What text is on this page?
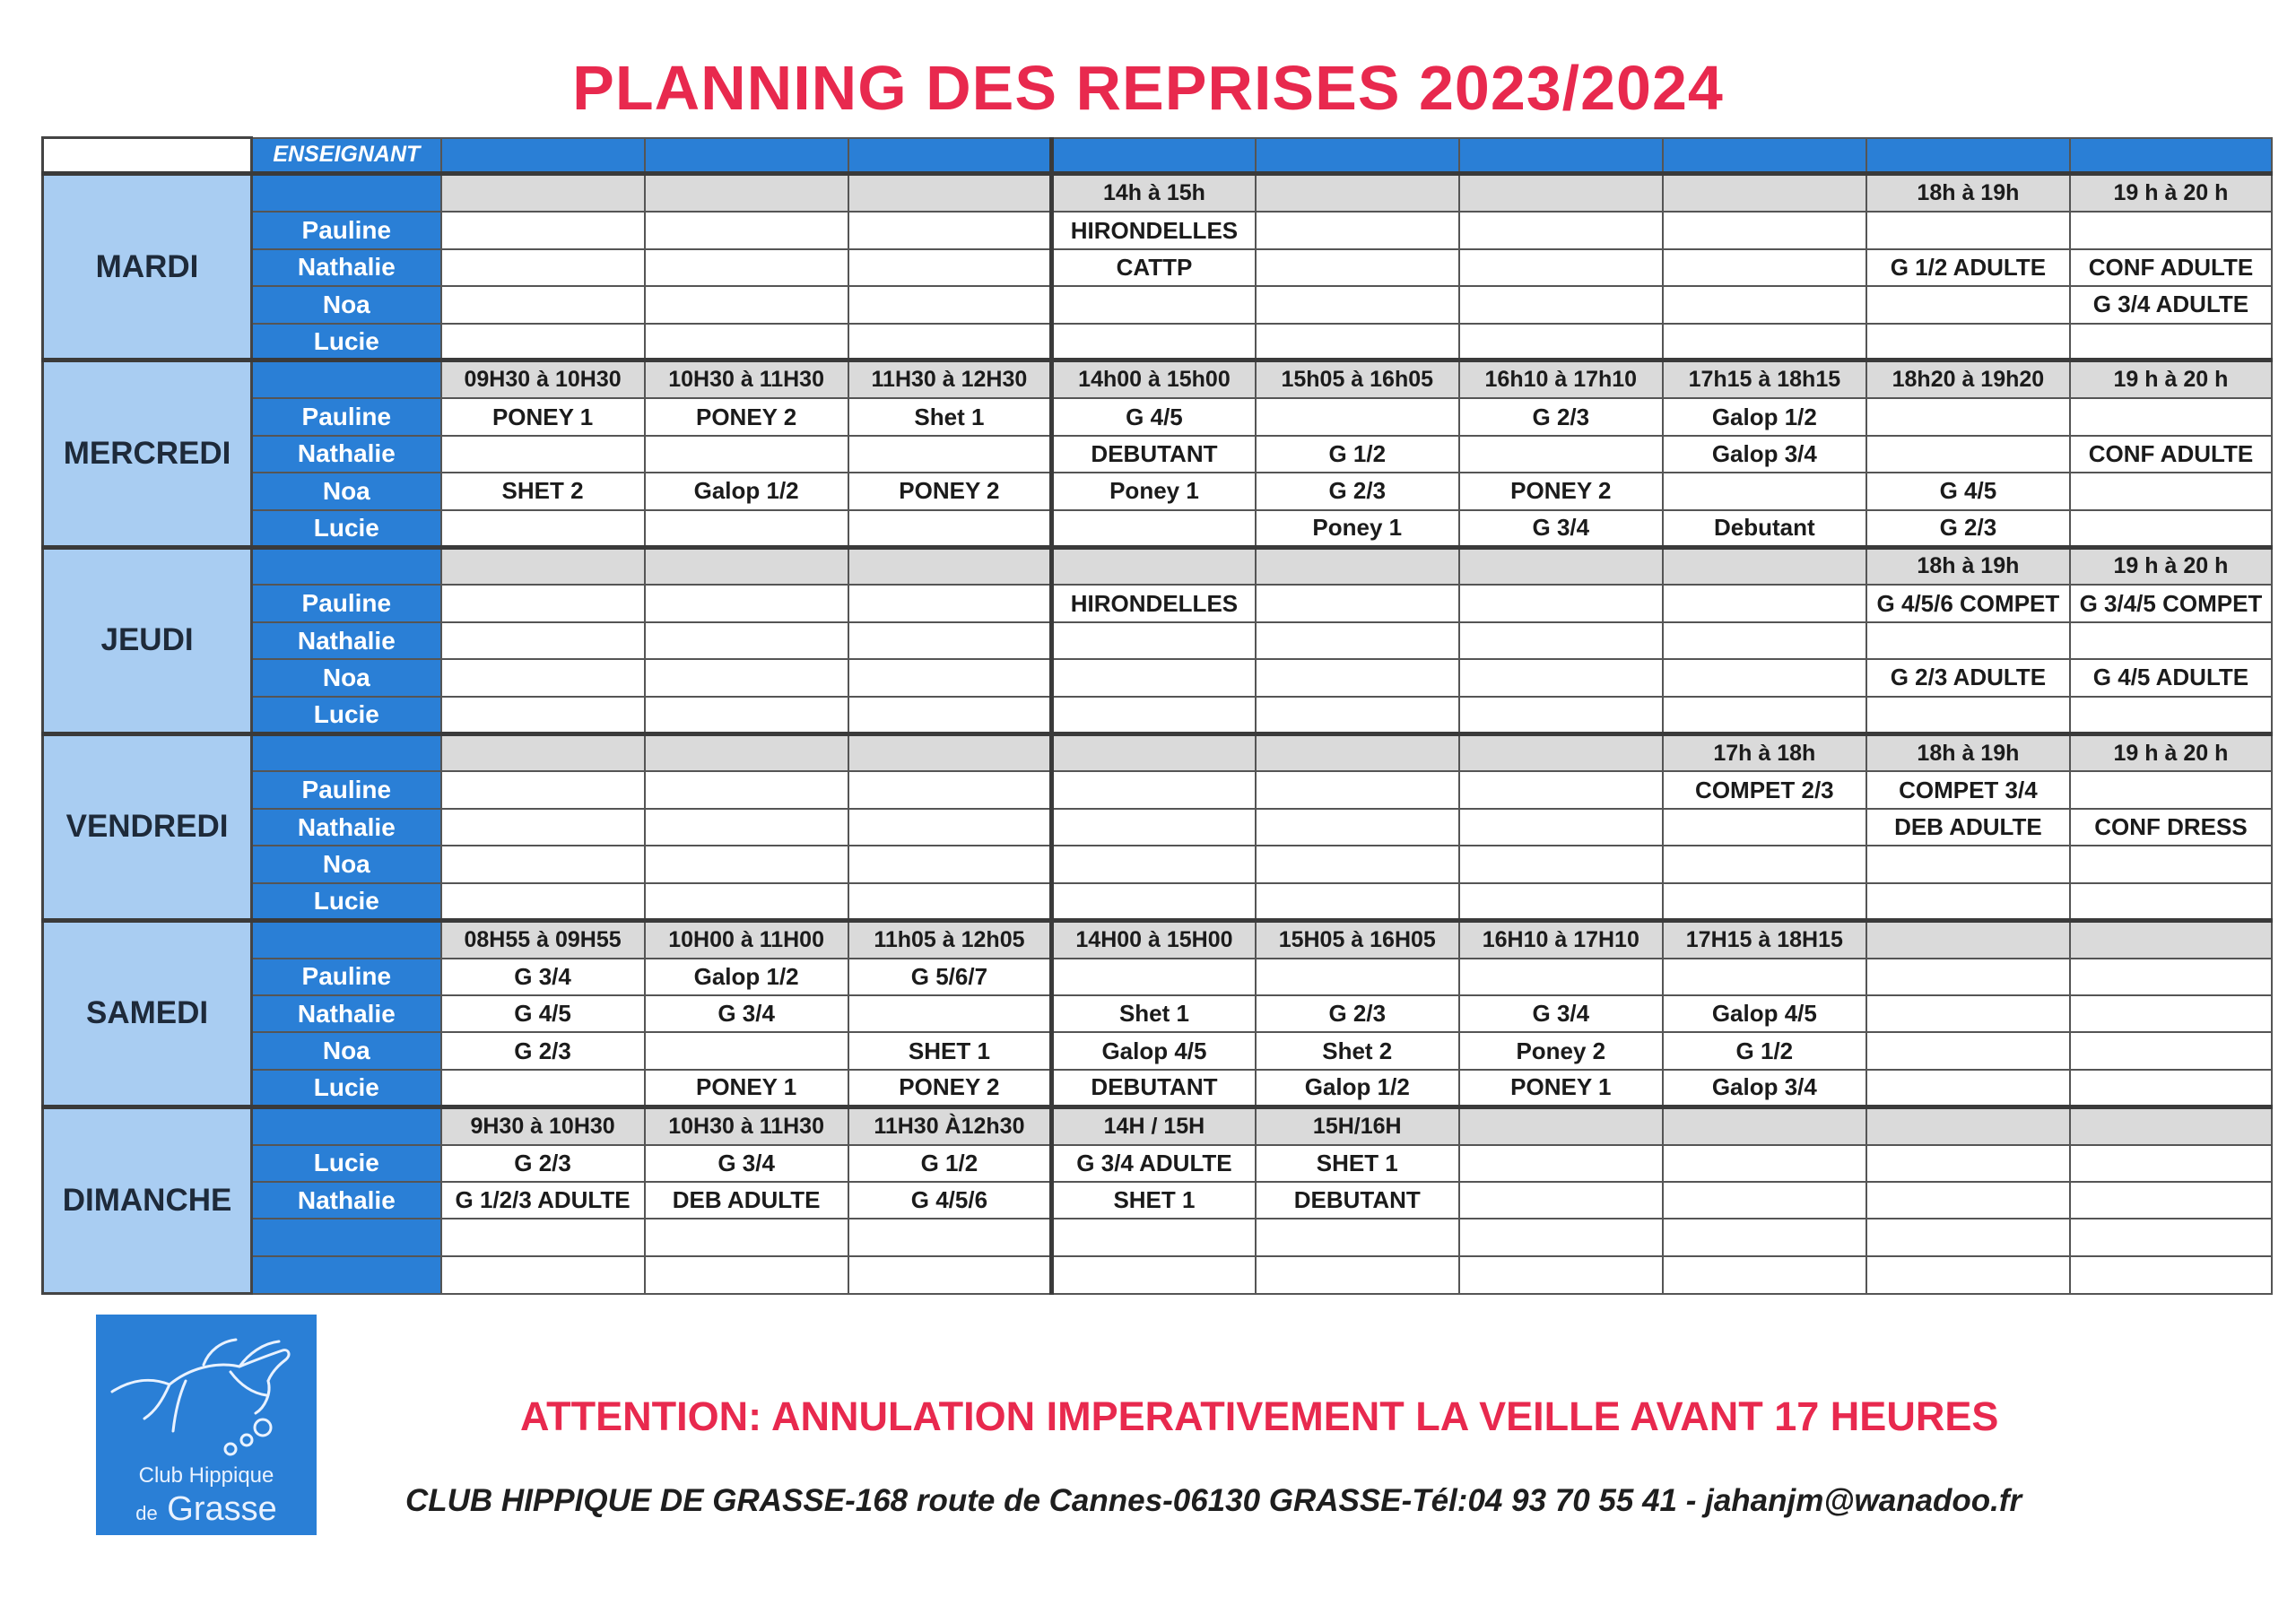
PLANNING DES REPRISES 2023/2024
	ENSEIGNANT									
MARDI					14h à 15h				18h à 19h	19 h à 20 h
	Pauline				HIRONDELLES					
	Nathalie				CATTP				G 1/2 ADULTE	CONF ADULTE
	Noa									G 3/4 ADULTE
	Lucie									
MERCREDI		09H30 à 10H30	10H30 à 11H30	11H30 à 12H30	14h00 à 15h00	15h05 à 16h05	16h10 à 17h10	17h15 à 18h15	18h20 à 19h20	19 h à 20 h
	Pauline	PONEY 1	PONEY 2	Shet 1	G 4/5		G 2/3	Galop 1/2		
	Nathalie				DEBUTANT	G 1/2		Galop 3/4		CONF ADULTE
	Noa	SHET 2	Galop 1/2	PONEY 2	Poney 1	G 2/3	PONEY 2		G 4/5	
	Lucie					Poney 1	G 3/4	Debutant	G 2/3	
JEUDI									18h à 19h	19 h à 20 h
	Pauline				HIRONDELLES				G 4/5/6 COMPET	G 3/4/5 COMPET
	Nathalie									
	Noa								G 2/3 ADULTE	G 4/5 ADULTE
	Lucie									
VENDREDI								17h à 18h	18h à 19h	19 h à 20 h
	Pauline							COMPET 2/3	COMPET 3/4	
	Nathalie								DEB ADULTE	CONF DRESS
	Noa									
	Lucie									
SAMEDI		08H55 à 09H55	10H00 à 11H00	11h05 à 12h05	14H00 à 15H00	15H05 à 16H05	16H10 à 17H10	17H15 à 18H15		
	Pauline	G 3/4	Galop 1/2	G 5/6/7						
	Nathalie	G 4/5	G 3/4		Shet 1	G 2/3	G 3/4	Galop 4/5		
	Noa	G 2/3		SHET 1	Galop 4/5	Shet 2	Poney 2	G 1/2		
	Lucie		PONEY 1	PONEY 2	DEBUTANT	Galop 1/2	PONEY 1	Galop 3/4		
DIMANCHE		9H30 à 10H30	10H30 à 11H30	11H30 À12h30	14H / 15H	15H/16H				
	Lucie	G 2/3	G 3/4	G 1/2	G 3/4 ADULTE	SHET 1				
	Nathalie	G 1/2/3 ADULTE	DEB ADULTE	G 4/5/6	SHET 1	DEBUTANT				

Club Hippique
de Grasse
ATTENTION: ANNULATION IMPERATIVEMENT LA VEILLE AVANT 17 HEURES
CLUB HIPPIQUE DE GRASSE-168 route de Cannes-06130 GRASSE-Tél:04 93 70 55 41 - jahanjm@wanadoo.fr
